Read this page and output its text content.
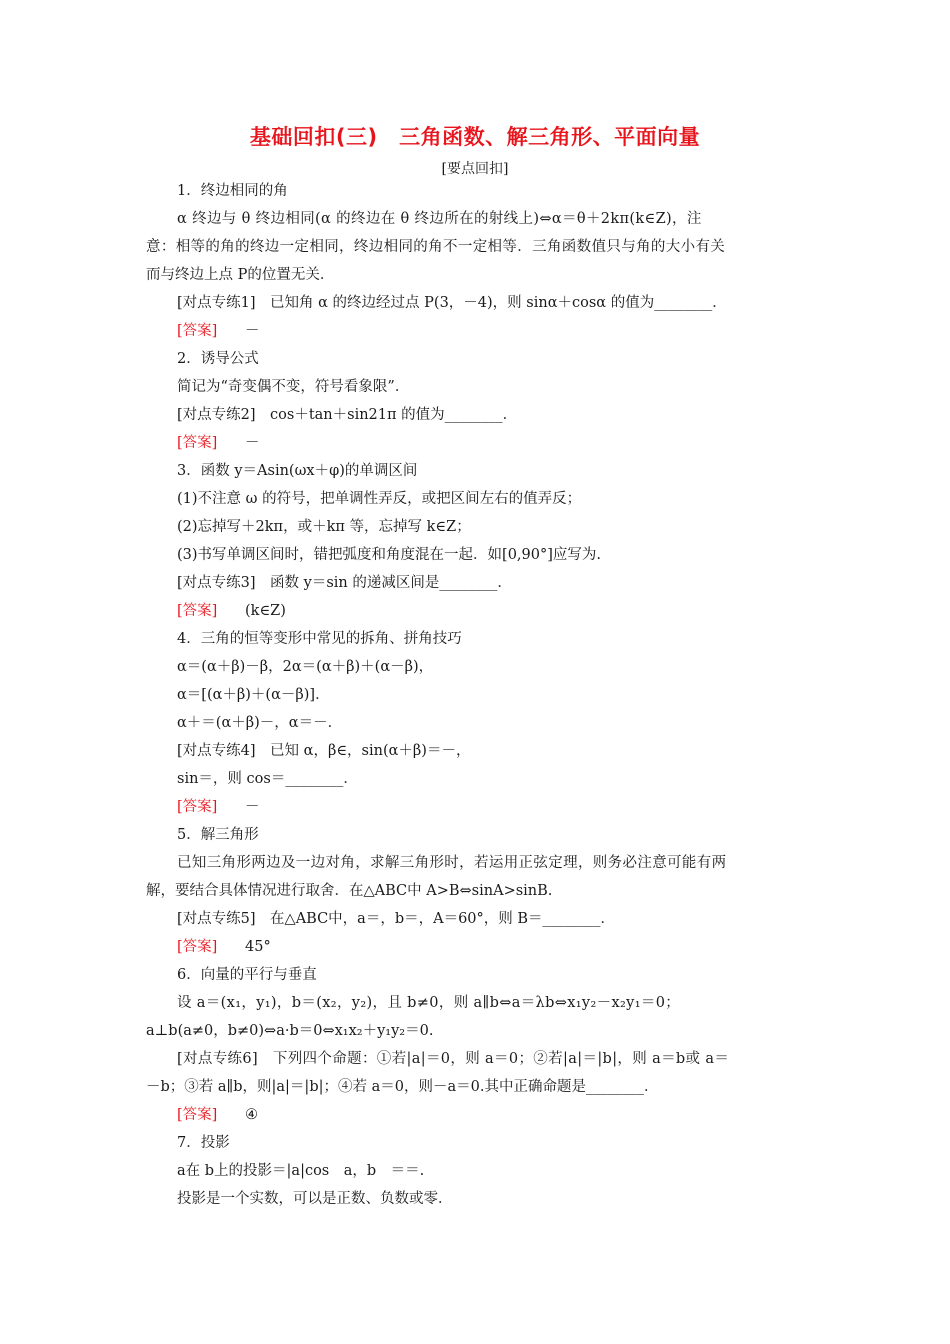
基础回扣(三)　三角函数、解三角形、平面向量
[要点回扣]
1．终边相同的角
α 终边与 θ 终边相同(α 的终边在 θ 终边所在的射线上)⇔α＝θ＋2kπ(k∈Z)，注
意：相等的角的终边一定相同，终边相同的角不一定相等．三角函数值只与角的大小有关
而与终边上点 P的位置无关．
[对点专练1]　已知角 α 的终边经过点 P(3，－4)，则 sinα＋cosα 的值为________．
[答案] －
2．诱导公式
简记为“奇变偶不变，符号看象限”．
[对点专练2]　cos＋tan＋sin21π 的值为________．
[答案] －
3．函数 y＝Asin(ωx＋φ)的单调区间
(1)不注意 ω 的符号，把单调性弄反，或把区间左右的值弄反；
(2)忘掉写＋2kπ，或＋kπ 等，忘掉写 k∈Z；
(3)书写单调区间时，错把弧度和角度混在一起．如[0,90°]应写为.
[对点专练3]　函数 y＝sin 的递减区间是________．
[答案] (k∈Z)
4．三角的恒等变形中常见的拆角、拼角技巧
α＝(α＋β)－β，2α＝(α＋β)＋(α－β)，
α＝[(α＋β)＋(α－β)]．
α＋＝(α＋β)－，α＝－．
[对点专练4]　已知 α，β∈，sin(α＋β)＝－，
sin＝，则 cos＝________．
[答案] －
5．解三角形
已知三角形两边及一边对角，求解三角形时，若运用正弦定理，则务必注意可能有两
解，要结合具体情况进行取舍．在△ABC中 A>B⇔sinA>sinB.
[对点专练5]　在△ABC中，a＝，b＝，A＝60°，则 B＝________．
[答案] 45°
6．向量的平行与垂直
设 a＝(x₁，y₁)，b＝(x₂，y₂)，且 b≠0，则 a∥b⇔a＝λb⇔x₁y₂－x₂y₁＝0；
a⊥b(a≠0，b≠0)⇔a·b＝0⇔x₁x₂＋y₁y₂＝0.
[对点专练6]　下列四个命题：①若|a|＝0，则 a＝0；②若|a|＝|b|，则 a＝b或 a＝
－b；③若 a∥b，则|a|＝|b|；④若 a＝0，则－a＝0.其中正确命题是________．
[答案] ④
7．投影
a在 b上的投影＝|a|cos　a，b　＝＝.
投影是一个实数，可以是正数、负数或零．
